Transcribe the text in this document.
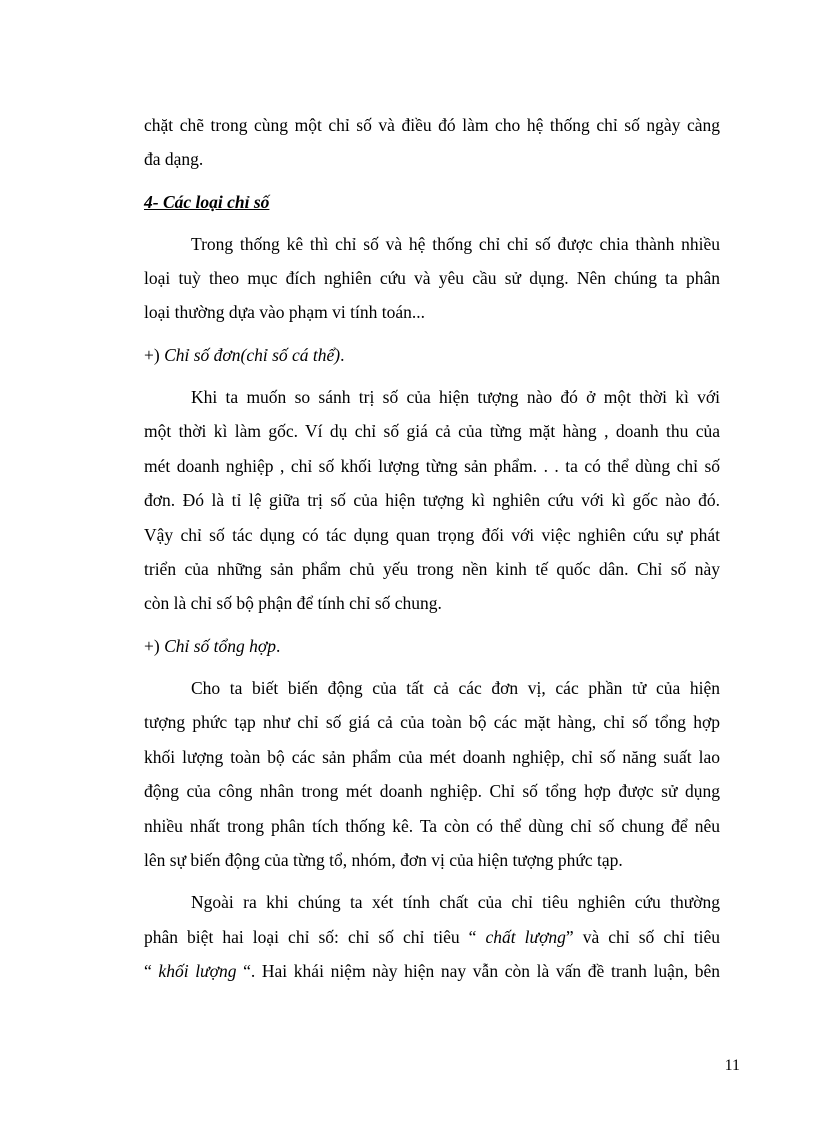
chặt chẽ trong cùng một chỉ số và điều đó làm cho hệ thống chỉ số ngày càng
đa dạng.
4- Các loại chỉ số
Trong thống kê thì chỉ số và hệ thống chỉ chỉ số được chia thành nhiều
loại tuỳ theo mục đích nghiên cứu và yêu cầu sử dụng. Nên chúng ta phân
loại thường dựa vào phạm vi tính toán...
+) Chỉ số đơn(chỉ số cá thể).
Khi ta muốn so sánh trị số của hiện tượng nào đó ở một thời kì với
một thời kì làm gốc. Ví dụ chỉ số giá cả của từng mặt hàng , doanh thu của
mét doanh nghiệp , chỉ số khối lượng từng sản phẩm. . . ta có thể dùng chỉ số
đơn. Đó là tỉ lệ giữa trị số của hiện tượng kì nghiên cứu với kì gốc nào đó.
Vậy chỉ số tác dụng có tác dụng quan trọng đối với việc nghiên cứu sự phát
triển của những sản phẩm chủ yếu trong nền kinh tế quốc dân. Chỉ số này
còn là chỉ số bộ phận để tính chỉ số chung.
+) Chỉ số tổng hợp.
Cho ta biết biến động của tất cả các đơn vị, các phần tử của hiện
tượng phức tạp như chỉ số giá cả của toàn bộ các mặt hàng, chỉ số tổng hợp
khối lượng toàn bộ các sản phẩm của mét doanh nghiệp, chỉ số năng suất lao
động của công nhân trong mét doanh nghiệp. Chỉ số tổng hợp được sử dụng
nhiều nhất trong phân tích thống kê. Ta còn có thể dùng chỉ số chung để nêu
lên sự biến động của từng tổ, nhóm, đơn vị của hiện tượng phức tạp.
Ngoài ra khi chúng ta xét tính chất của chỉ tiêu nghiên cứu thường
phân biệt hai loại chỉ số: chỉ số chỉ tiêu “ chất lượng” và chỉ số chỉ tiêu
“ khối lượng “. Hai khái niệm này hiện nay vẫn còn là vấn đề tranh luận, bên
11
